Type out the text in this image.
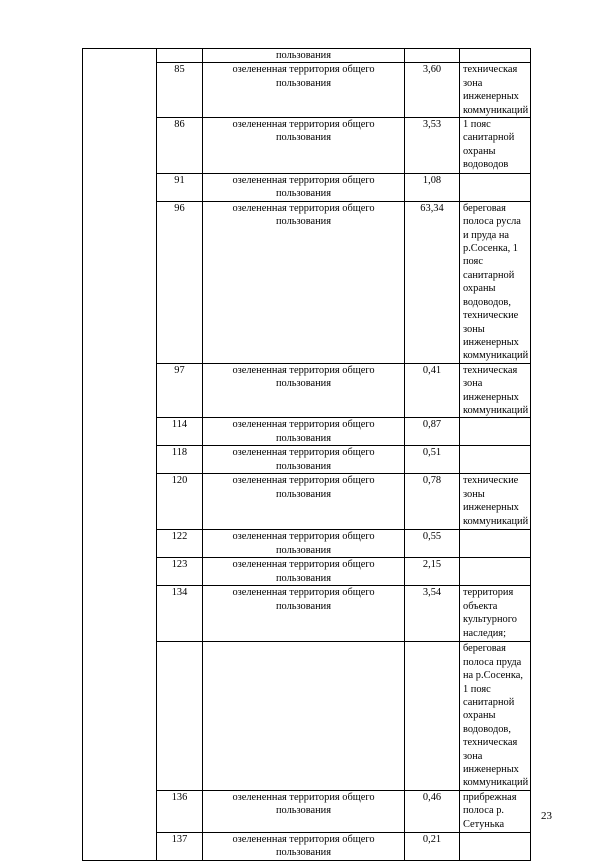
		пользования		
	85	озелененная территория общего пользования	3,60	техническая зона инженерных коммуникаций
	86	озелененная территория общего пользования	3,53	1 пояс санитарной охраны водоводов
	91	озелененная территория общего пользования	1,08	
	96	озелененная территория общего пользования	63,34	береговая полоса русла и пруда на р.Сосенка, 1 пояс санитарной охраны водоводов, технические зоны инженерных коммуникаций
	97	озелененная территория общего пользования	0,41	техническая зона инженерных коммуникаций
	114	озелененная территория общего пользования	0,87	
	118	озелененная территория общего пользования	0,51	
	120	озелененная территория общего пользования	0,78	технические зоны инженерных коммуникаций
	122	озелененная территория общего пользования	0,55	
	123	озелененная территория общего пользования	2,15	
	134	озелененная территория общего пользования	3,54	территория объекта культурного наследия;
				береговая полоса пруда на р.Сосенка, 1 пояс санитарной охраны водоводов, техническая зона инженерных коммуникаций
	136	озелененная территория общего пользования	0,46	прибрежная полоса р. Сетунька
	137	озелененная территория общего пользования	0,21	
23
